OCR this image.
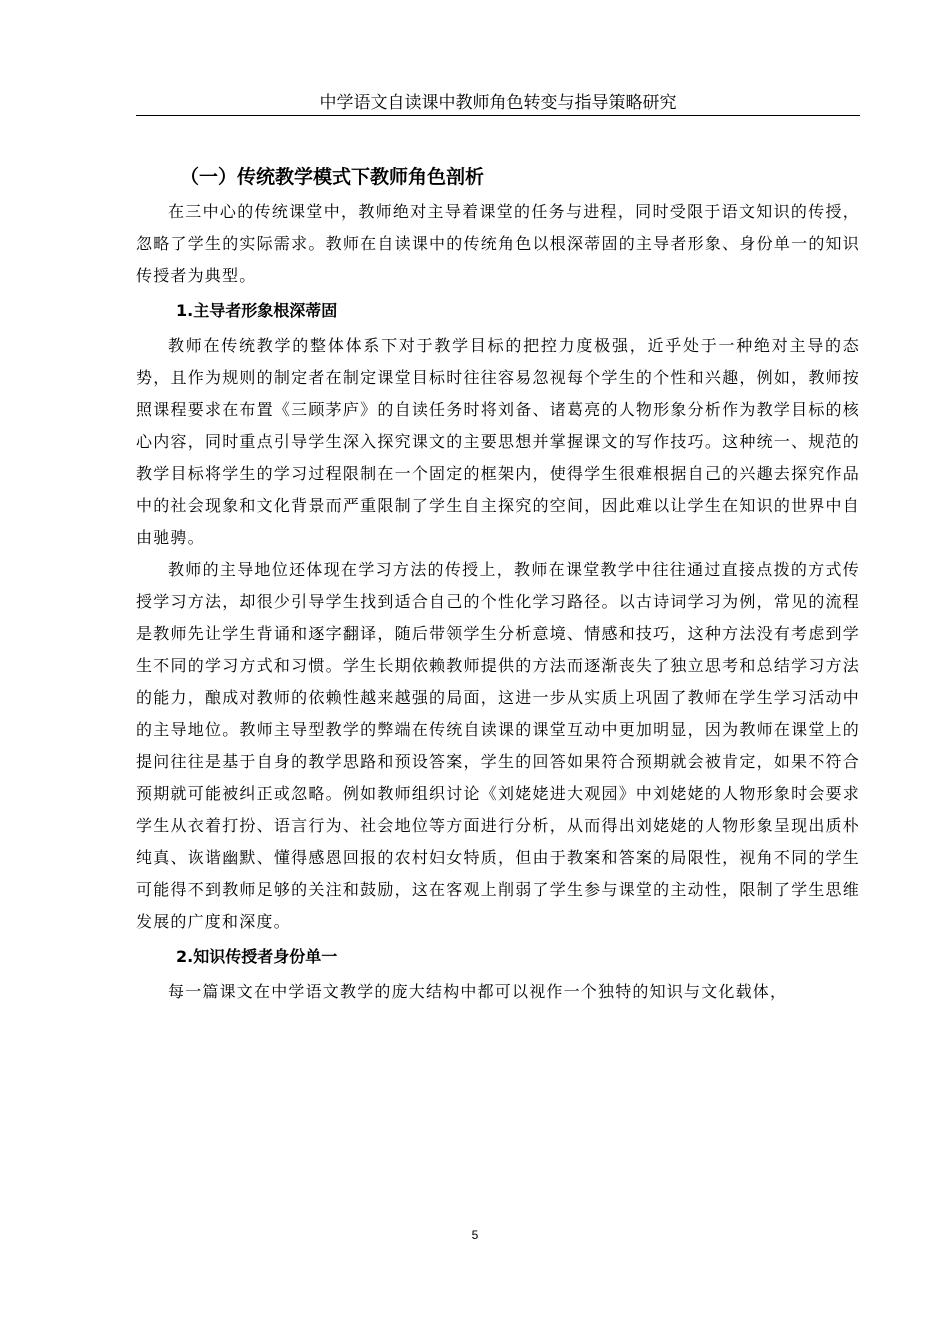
中学语文自读课中教师角色转变与指导策略研究
（一）传统教学模式下教师角色剖析

在三中心的传统课堂中，教师绝对主导着课堂的任务与进程，同时受限于语文知识的传授，忽略了学生的实际需求。教师在自读课中的传统角色以根深蒂固的主导者形象、身份单一的知识传授者为典型。

1.主导者形象根深蒂固

教师在传统教学的整体体系下对于教学目标的把控力度极强，近乎处于一种绝对主导的态势，且作为规则的制定者在制定课堂目标时往往容易忽视每个学生的个性和兴趣，例如，教师按照课程要求在布置《三顾茅庐》的自读任务时将刘备、诸葛亮的人物形象分析作为教学目标的核心内容，同时重点引导学生深入探究课文的主要思想并掌握课文的写作技巧。这种统一、规范的教学目标将学生的学习过程限制在一个固定的框架内，使得学生很难根据自己的兴趣去探究作品中的社会现象和文化背景而严重限制了学生自主探究的空间，因此难以让学生在知识的世界中自由驰骋。

教师的主导地位还体现在学习方法的传授上，教师在课堂教学中往往通过直接点拨的方式传授学习方法，却很少引导学生找到适合自己的个性化学习路径。以古诗词学习为例，常见的流程是教师先让学生背诵和逐字翻译，随后带领学生分析意境、情感和技巧，这种方法没有考虑到学生不同的学习方式和习惯。学生长期依赖教师提供的方法而逐渐丧失了独立思考和总结学习方法的能力，酿成对教师的依赖性越来越强的局面，这进一步从实质上巩固了教师在学生学习活动中的主导地位。教师主导型教学的弊端在传统自读课的课堂互动中更加明显，因为教师在课堂上的提问往往是基于自身的教学思路和预设答案，学生的回答如果符合预期就会被肯定，如果不符合预期就可能被纠正或忽略。例如教师组织讨论《刘姥姥进大观园》中刘姥姥的人物形象时会要求学生从衣着打扮、语言行为、社会地位等方面进行分析，从而得出刘姥姥的人物形象呈现出质朴纯真、诙谐幽默、懂得感恩回报的农村妇女特质，但由于教案和答案的局限性，视角不同的学生可能得不到教师足够的关注和鼓励，这在客观上削弱了学生参与课堂的主动性，限制了学生思维发展的广度和深度。

2.知识传授者身份单一

每一篇课文在中学语文教学的庞大结构中都可以视作一个独特的知识与文化载体，

5
